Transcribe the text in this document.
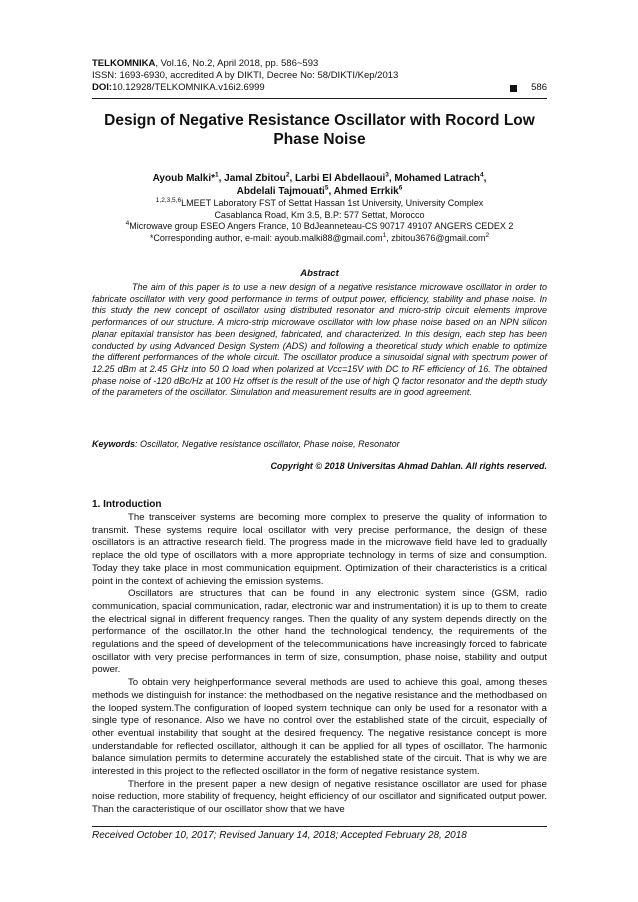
TELKOMNIKA, Vol.16, No.2, April 2018, pp. 586~593
ISSN: 1693-6930, accredited A by DIKTI, Decree No: 58/DIKTI/Kep/2013
DOI:10.12928/TELKOMNIKA.v16i2.6999	586
Design of Negative Resistance Oscillator with Rocord Low Phase Noise
Ayoub Malki*$^1$, Jamal Zbitou$^2$, Larbi El Abdellaoui$^3$, Mohamed Latrach$^4$,
Abdelali Tajmouati$^5$, Ahmed Errkik$^6$
$^{1,2,3,5,6}$LMEET Laboratory FST of Settat Hassan 1st University, University Complex
Casablanca Road, Km 3.5, B.P: 577 Settat, Morocco
$^4$Microwave group ESEO Angers France, 10 BdJeanneteau-CS 90717 49107 ANGERS CEDEX 2
*Corresponding author, e-mail: ayoub.malki88@gmail.com$^1$, zbitou3676@gmail.com$^2$
Abstract
The aim of this paper is to use a new design of a negative resistance microwave oscillator in order to fabricate oscillator with very good performance in terms of output power, efficiency, stability and phase noise. In this study the new concept of oscillator using distributed resonator and micro-strip circuit elements improve performances of our structure. A micro-strip microwave oscillator with low phase noise based on an NPN silicon planar epitaxial transistor has been designed, fabricated, and characterized. In this design, each step has been conducted by using Advanced Design System (ADS) and following a theoretical study which enable to optimize the different performances of the whole circuit. The oscillator produce a sinusoidal signal with spectrum power of 12.25 dBm at 2.45 GHz into 50 Ω load when polarized at Vcc=15V with DC to RF efficiency of 16. The obtained phase noise of -120 dBc/Hz at 100 Hz offset is the result of the use of high Q factor resonator and the depth study of the parameters of the oscillator. Simulation and measurement results are in good agreement.
Keywords: Oscillator, Negative resistance oscillator, Phase noise, Resonator
Copyright © 2018 Universitas Ahmad Dahlan. All rights reserved.
1. Introduction

The transceiver systems are becoming more complex to preserve the quality of information to transmit. These systems require local oscillator with very precise performance, the design of these oscillators is an attractive research field. The progress made in the microwave field have led to gradually replace the old type of oscillators with a more appropriate technology in terms of size and consumption. Today they take place in most communication equipment. Optimization of their characteristics is a critical point in the context of achieving the emission systems.

Oscillators are structures that can be found in any electronic system since (GSM, radio communication, spacial communication, radar, electronic war and instrumentation) it is up to them to create the electrical signal in different frequency ranges. Then the quality of any system depends directly on the performance of the oscillator.In the other hand the technological tendency, the requirements of the regulations and the speed of development of the telecommunications have increasingly forced to fabricate oscillator with very precise performances in term of size, consumption, phase noise, stability and output power.

To obtain very heighperformance several methods are used to achieve this goal, among theses methods we distinguish for instance: the methodbased on the negative resistance and the methodbased on the looped system.The configuration of looped system technique can only be used for a resonator with a single type of resonance. Also we have no control over the established state of the circuit, especially of other eventual instability that sought at the desired frequency. The negative resistance concept is more understandable for reflected oscillator, although it can be applied for all types of oscillator. The harmonic balance simulation permits to determine accurately the established state of the circuit. That is why we are interested in this project to the reflected oscillator in the form of negative resistance system.

Therfore in the present paper a new design of negative resistance oscillator are used for phase noise reduction, more stability of frequency, height efficiency of our oscillator and significated output power. Than the caracteristique of our oscillator show that we have

Received October 10, 2017; Revised January 14, 2018; Accepted February 28, 2018
